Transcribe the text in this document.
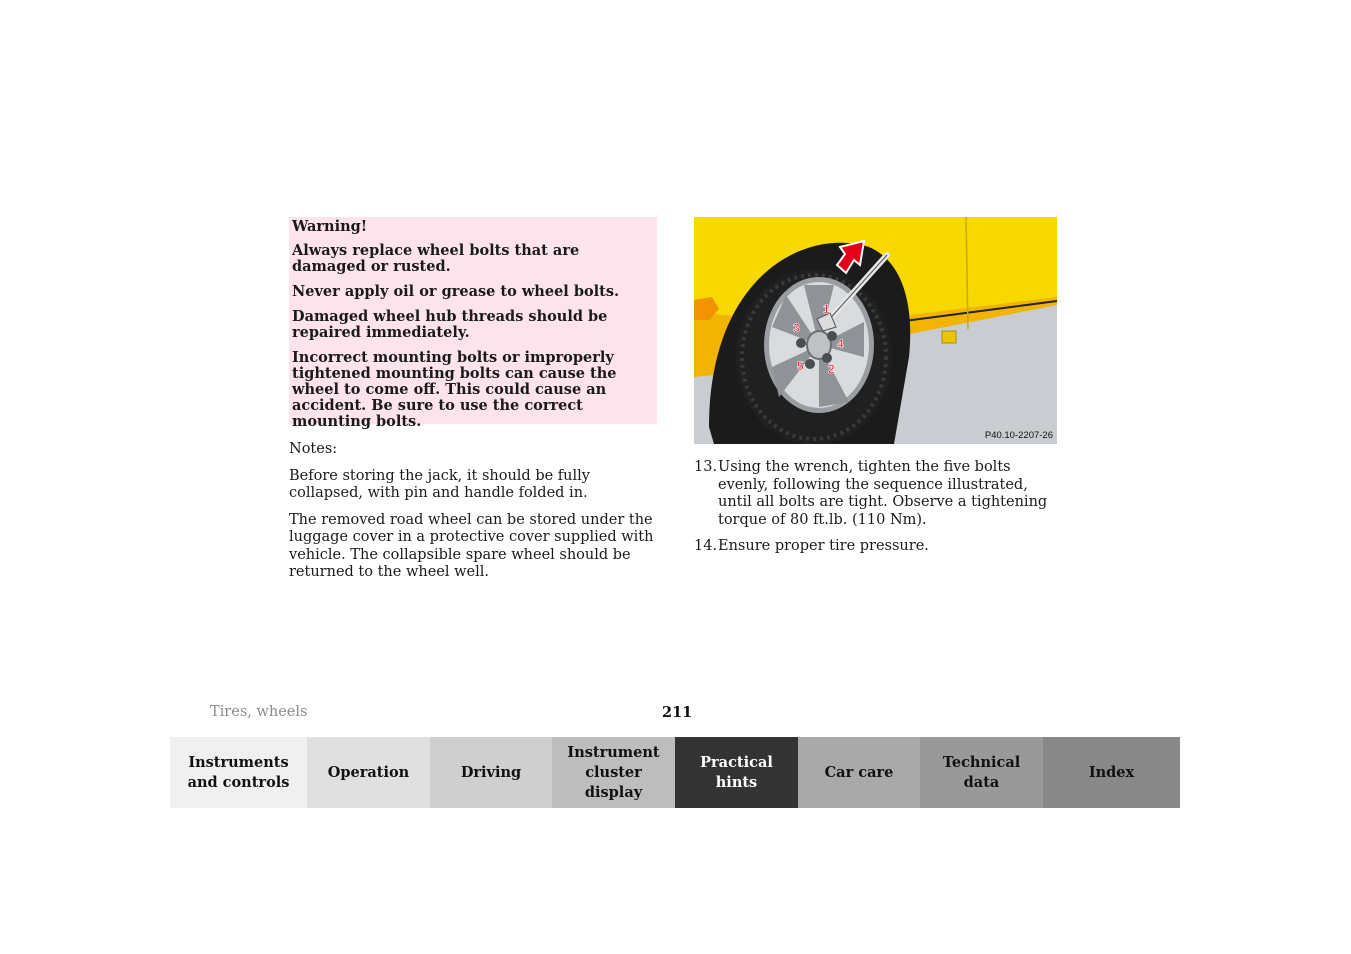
Warning!

Always replace wheel bolts that are damaged or rusted.

Never apply oil or grease to wheel bolts.

Damaged wheel hub threads should be repaired immediately.

Incorrect mounting bolts or improperly tightened mounting bolts can cause the wheel to come off. This could cause an accident. Be sure to use the correct mounting bolts.

Notes:

Before storing the jack, it should be fully collapsed, with pin and handle folded in.

The removed road wheel can be stored under the luggage cover in a protective cover supplied with vehicle. The collapsible spare wheel should be returned to the wheel well.

1
2
3
4
5
P40.10-2207-26
13. Using the wrench, tighten the five bolts evenly, following the sequence illustrated, until all bolts are tight. Observe a tightening torque of 80 ft.lb. (110 Nm).
14. Ensure proper tire pressure.
Tires, wheels	211
Instruments
and controls
Operation	Driving
Instrument
cluster display
Practical hints
Car care
Technical
data
Index
